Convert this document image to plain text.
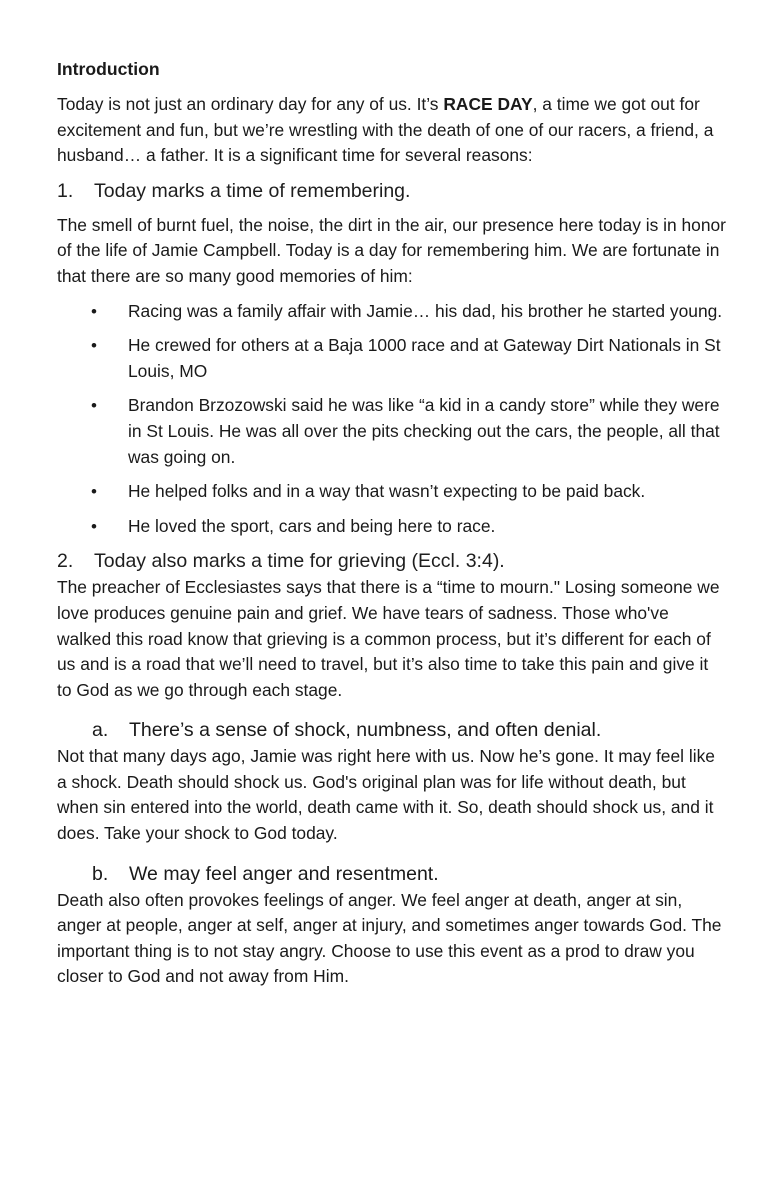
Introduction

Today is not just an ordinary day for any of us. It’s RACE DAY, a time we got out for excitement and fun, but we’re wrestling with the death of one of our racers, a friend, a husband… a father. It is a significant time for several reasons:

1.	Today marks a time of remembering.

The smell of burnt fuel, the noise, the dirt in the air, our presence here today is in honor of the life of Jamie Campbell. Today is a day for remembering him. We are fortunate in that there are so many good memories of him:

• Racing was a family affair with Jamie… his dad, his brother he started young.
• He crewed for others at a Baja 1000 race and at Gateway Dirt Nationals in St Louis, MO
• Brandon Brzozowski said he was like “a kid in a candy store” while they were in St Louis. He was all over the pits checking out the cars, the people, all that was going on.
• He helped folks and in a way that wasn’t expecting to be paid back.
• He loved the sport, cars and being here to race.
2.	Today also marks a time for grieving (Eccl. 3:4).

The preacher of Ecclesiastes says that there is a “time to mourn." Losing someone we love produces genuine pain and grief. We have tears of sadness. Those who've walked this road know that grieving is a common process, but it’s different for each of us and is a road that we’ll need to travel, but it’s also time to take this pain and give it to God as we go through each stage.

a.	There’s a sense of shock, numbness, and often denial.

Not that many days ago, Jamie was right here with us. Now he’s gone. It may feel like a shock. Death should shock us. God's original plan was for life without death, but when sin entered into the world, death came with it. So, death should shock us, and it does. Take your shock to God today.

b.	We may feel anger and resentment.

Death also often provokes feelings of anger. We feel anger at death, anger at sin, anger at people, anger at self, anger at injury, and sometimes anger towards God. The important thing is to not stay angry. Choose to use this event as a prod to draw you closer to God and not away from Him.
